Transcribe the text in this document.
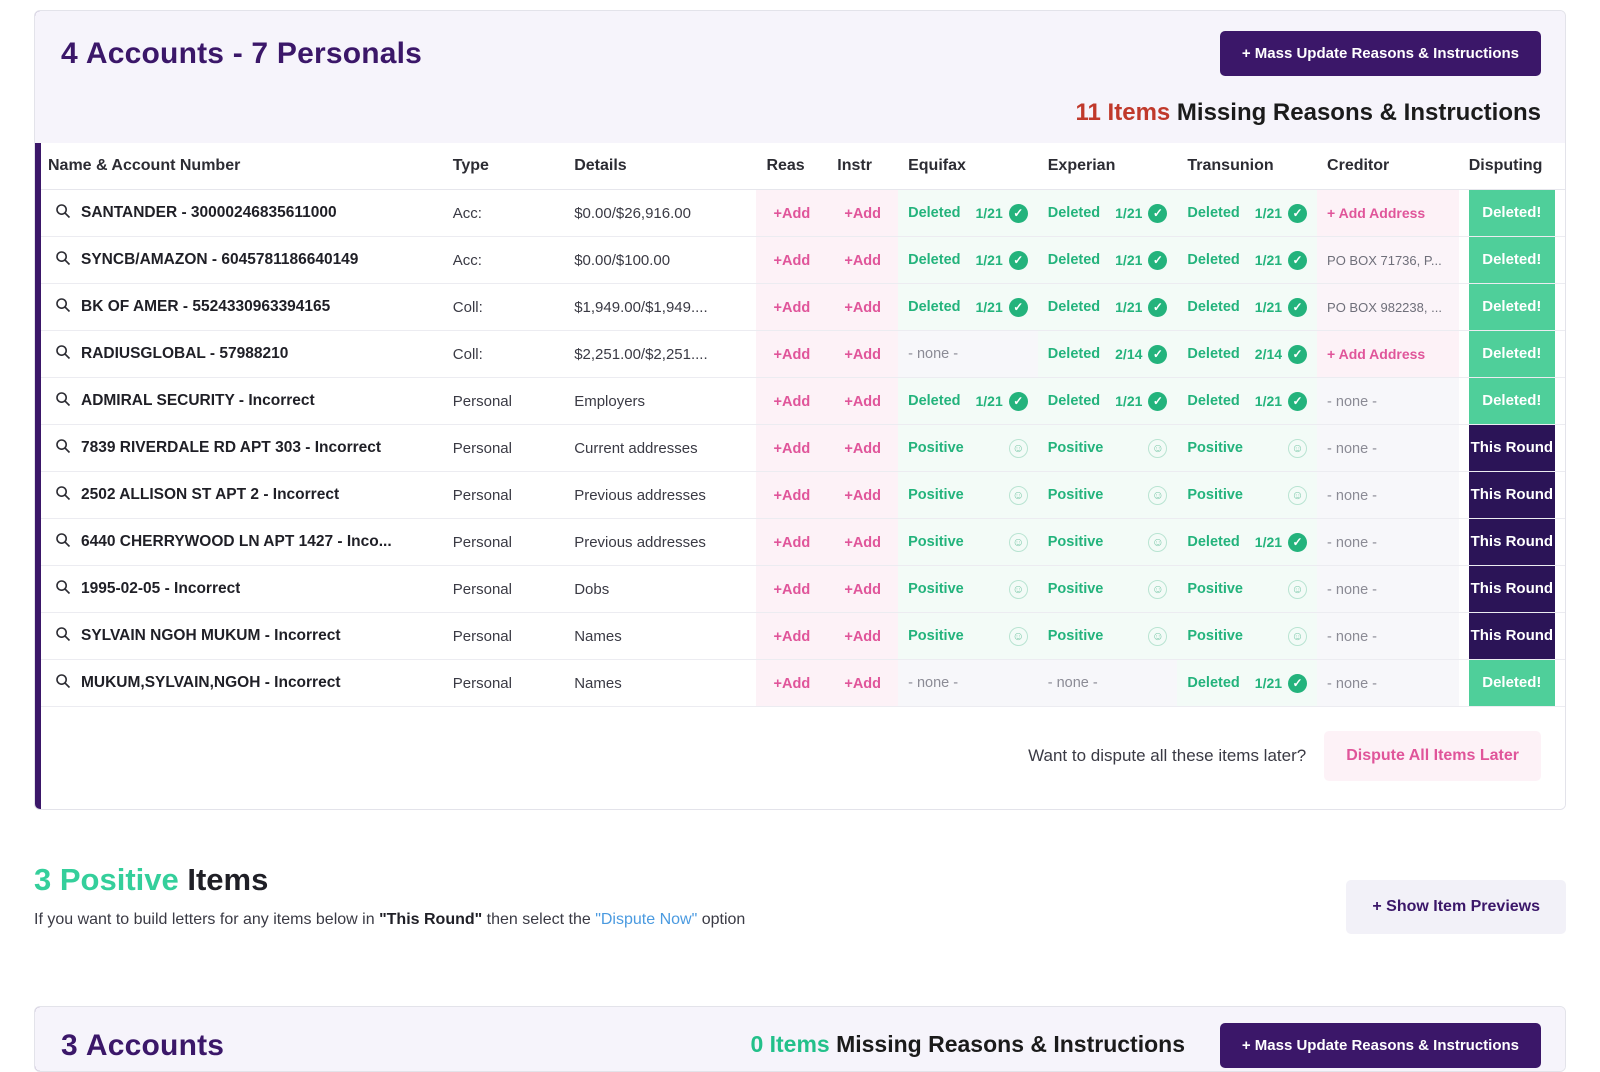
4 Accounts - 7 Personals	+ Mass Update Reasons & Instructions
11 Items Missing Reasons & Instructions
Name & Account Number	Type	Details	Reas	Instr	Equifax	Experian	Transunion	Creditor	Disputing

SANTANDER - 30000246835611000	Acc:	$0.00/$26,916.00	+Add	+Add	Deleted 1/21 ✓	Deleted 1/21 ✓	Deleted 1/21 ✓	+ Add Address	Deleted!

SYNCB/AMAZON - 6045781186640149	Acc:	$0.00/$100.00	+Add	+Add	Deleted 1/21 ✓	Deleted 1/21 ✓	Deleted 1/21 ✓	PO BOX 71736, P...	Deleted!

BK OF AMER - 5524330963394165	Coll:	$1,949.00/$1,949....	+Add	+Add	Deleted 1/21 ✓	Deleted 1/21 ✓	Deleted 1/21 ✓	PO BOX 982238, ...	Deleted!

RADIUSGLOBAL - 57988210	Coll:	$2,251.00/$2,251....	+Add	+Add	- none -	Deleted 2/14 ✓	Deleted 2/14 ✓	+ Add Address	Deleted!

ADMIRAL SECURITY - Incorrect	Personal	Employers	+Add	+Add	Deleted 1/21 ✓	Deleted 1/21 ✓	Deleted 1/21 ✓	- none -	Deleted!

7839 RIVERDALE RD APT 303 - Incorrect	Personal	Current addresses	+Add	+Add	Positive ☺	Positive ☺	Positive ☺	- none -	This Round

2502 ALLISON ST APT 2 - Incorrect	Personal	Previous addresses	+Add	+Add	Positive ☺	Positive ☺	Positive ☺	- none -	This Round

6440 CHERRYWOOD LN APT 1427 - Inco...	Personal	Previous addresses	+Add	+Add	Positive ☺	Positive ☺	Deleted 1/21 ✓	- none -	This Round

1995-02-05 - Incorrect	Personal	Dobs	+Add	+Add	Positive ☺	Positive ☺	Positive ☺	- none -	This Round

SYLVAIN NGOH MUKUM - Incorrect	Personal	Names	+Add	+Add	Positive ☺	Positive ☺	Positive ☺	- none -	This Round

MUKUM,SYLVAIN,NGOH - Incorrect	Personal	Names	+Add	+Add	- none -	- none -	Deleted 1/21 ✓	- none -	Deleted!
Want to dispute all these items later?	Dispute All Items Later
3 Positive Items
If you want to build letters for any items below in "This Round" then select the "Dispute Now" option
+ Show Item Previews
3 Accounts	0 Items Missing Reasons & Instructions	+ Mass Update Reasons & Instructions
